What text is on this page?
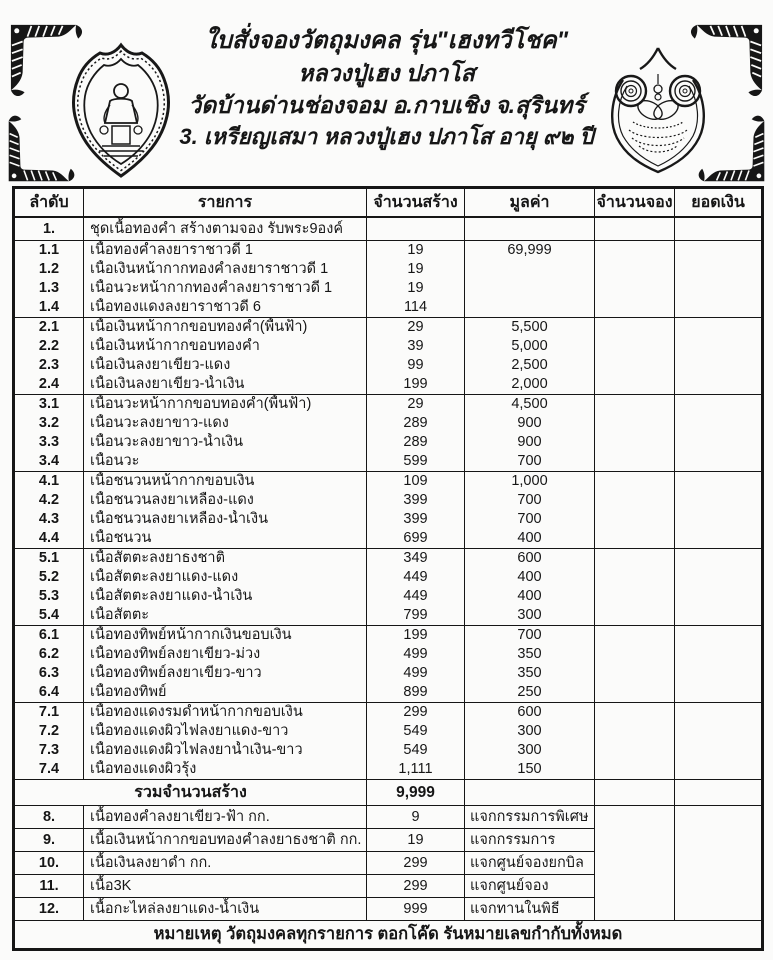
ใบสั่งจองวัตถุมงคล รุ่น"เฮงทวีโชค"
หลวงปู่เฮง ปภาโส
วัดบ้านด่านช่องจอม อ.กาบเชิง จ.สุรินทร์
3. เหรียญเสมา หลวงปู่เฮง ปภาโส อายุ ๙๒ ปี
ลำดับ	รายการ	จำนวนสร้าง	มูลค่า	จำนวนจอง	ยอดเงิน
1.	ชุดเนื้อทองคำ สร้างตามจอง รับพระ9องค์				
1.1	เนื้อทองคำลงยาราชาวดี 1	19	69,999		
1.2	เนื้อเงินหน้ากากทองคำลงยาราชาวดี 1	19			
1.3	เนื้อนวะหน้ากากทองคำลงยาราชาวดี 1	19			
1.4	เนื้อทองแดงลงยาราชาวดี 6	114			
2.1	เนื้อเงินหน้ากากขอบทองคำ(พื้นฟ้า)	29	5,500		
2.2	เนื้อเงินหน้ากากขอบทองคำ	39	5,000		
2.3	เนื้อเงินลงยาเขียว-แดง	99	2,500		
2.4	เนื้อเงินลงยาเขียว-น้ำเงิน	199	2,000		
3.1	เนื้อนวะหน้ากากขอบทองคำ(พื้นฟ้า)	29	4,500		
3.2	เนื้อนวะลงยาขาว-แดง	289	900		
3.3	เนื้อนวะลงยาขาว-น้ำเงิน	289	900		
3.4	เนื้อนวะ	599	700		
4.1	เนื้อชนวนหน้ากากขอบเงิน	109	1,000		
4.2	เนื้อชนวนลงยาเหลือง-แดง	399	700		
4.3	เนื้อชนวนลงยาเหลือง-น้ำเงิน	399	700		
4.4	เนื้อชนวน	699	400		
5.1	เนื้อสัตตะลงยาธงชาติ	349	600		
5.2	เนื้อสัตตะลงยาแดง-แดง	449	400		
5.3	เนื้อสัตตะลงยาแดง-น้ำเงิน	449	400		
5.4	เนื้อสัตตะ	799	300		
6.1	เนื้อทองทิพย์หน้ากากเงินขอบเงิน	199	700		
6.2	เนื้อทองทิพย์ลงยาเขียว-ม่วง	499	350		
6.3	เนื้อทองทิพย์ลงยาเขียว-ขาว	499	350		
6.4	เนื้อทองทิพย์	899	250		
7.1	เนื้อทองแดงรมดำหน้ากากขอบเงิน	299	600		
7.2	เนื้อทองแดงผิวไฟลงยาแดง-ขาว	549	300		
7.3	เนื้อทองแดงผิวไฟลงยาน้ำเงิน-ขาว	549	300		
7.4	เนื้อทองแดงผิวรุ้ง	1,111	150		
รวมจำนวนสร้าง		9,999			
8.	เนื้อทองคำลงยาเขียว-ฟ้า กก.	9	แจกกรรมการพิเศษ		
9.	เนื้อเงินหน้ากากขอบทองคำลงยาธงชาติ กก.	19	แจกกรรมการ		
10.	เนื้อเงินลงยาดำ กก.	299	แจกศูนย์จองยกบิล		
11.	เนื้อ3K	299	แจกศูนย์จอง		
12.	เนื้อกะไหล่ลงยาแดง-น้ำเงิน	999	แจกทานในพิธี		
หมายเหตุ วัตถุมงคลทุกรายการ ตอกโค๊ด รันหมายเลขกำกับทั้งหมด					
